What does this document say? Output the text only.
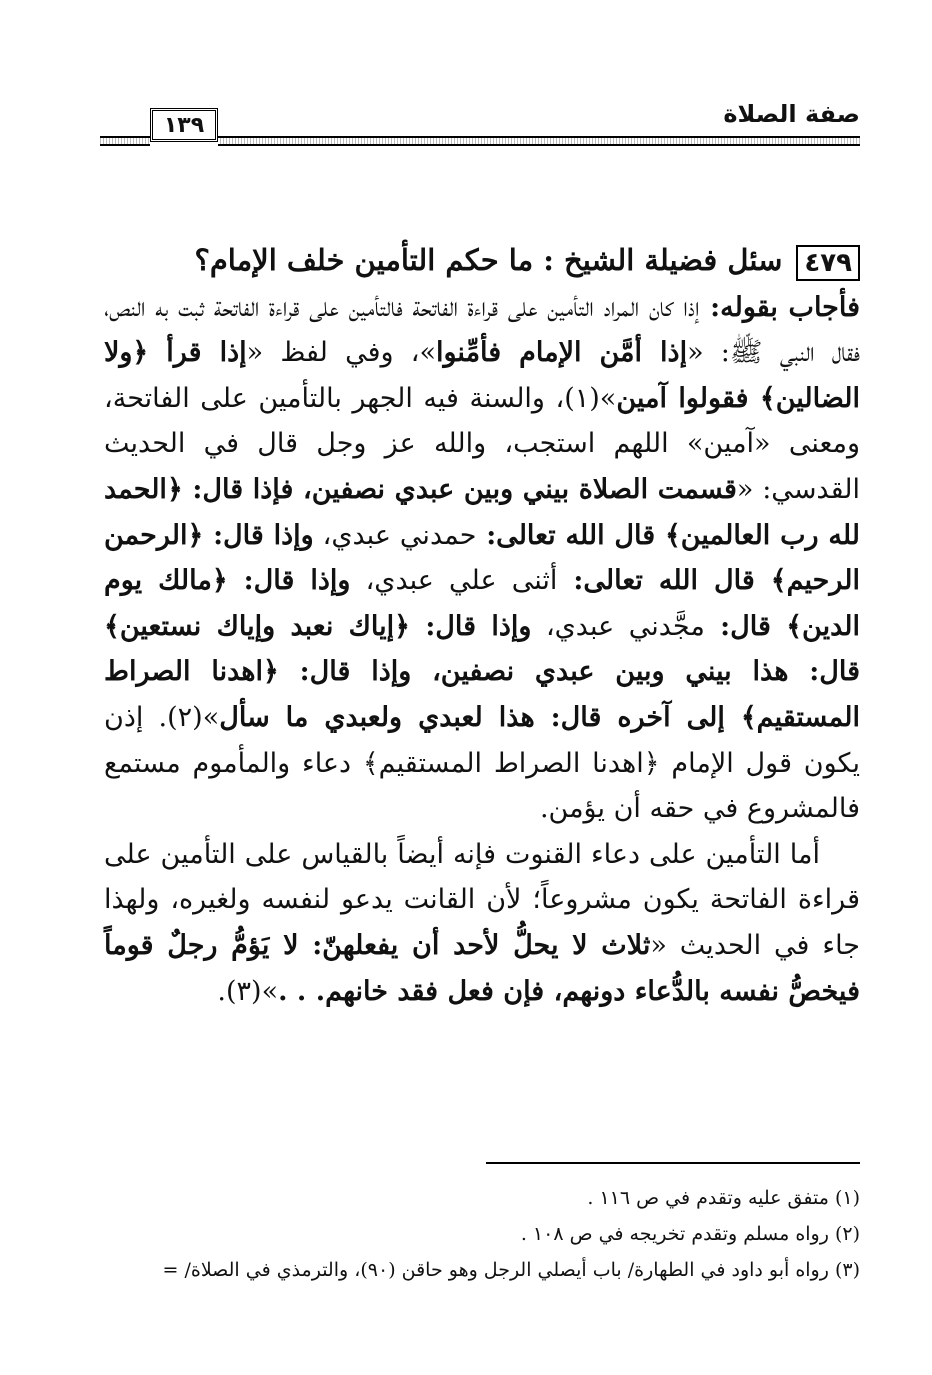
صفة الصلاة
١٣٩

٤٧٩سئل فضيلة الشيخ : ما حكم التأمين خلف الإمام؟

فأجاب بقوله: إذا كان المراد التأمين على قراءة الفاتحة فالتأمين على قراءة الفاتحة ثبت به النص، فقال النبي ﷺ: «إذا أمَّن الإمام فأمِّنوا»، وفي لفظ «إذا قرأ ﴿ولا الضالين﴾ فقولوا آمين»(١)، والسنة فيه الجهر بالتأمين على الفاتحة، ومعنى «آمين» اللهم استجب، والله عز وجل قال في الحديث القدسي: «قسمت الصلاة بيني وبين عبدي نصفين، فإذا قال: ﴿الحمد لله رب العالمين﴾ قال الله تعالى: حمدني عبدي، وإذا قال: ﴿الرحمن الرحيم﴾ قال الله تعالى: أثنى علي عبدي، وإذا قال: ﴿مالك يوم الدين﴾ قال: مجَّدني عبدي، وإذا قال: ﴿إياك نعبد وإياك نستعين﴾ قال: هذا بيني وبين عبدي نصفين، وإذا قال: ﴿اهدنا الصراط المستقيم﴾ إلى آخره قال: هذا لعبدي ولعبدي ما سأل»(٢). إذن يكون قول الإمام ﴿اهدنا الصراط المستقيم﴾ دعاء والمأموم مستمع فالمشروع في حقه أن يؤمن.

أما التأمين على دعاء القنوت فإنه أيضاً بالقياس على التأمين على قراءة الفاتحة يكون مشروعاً؛ لأن القانت يدعو لنفسه ولغيره، ولهذا جاء في الحديث «ثلاث لا يحلُّ لأحد أن يفعلهنّ: لا يَؤمُّ رجلٌ قوماً فيخصُّ نفسه بالدُّعاء دونهم، فإن فعل فقد خانهم. . .»(٣).

(١) متفق عليه وتقدم في ص ١١٦ .
(٢) رواه مسلم وتقدم تخريجه في ص ١٠٨ .
(٣) رواه أبو داود في الطهارة/ باب أيصلي الرجل وهو حاقن (٩٠)، والترمذي في الصلاة/ =
